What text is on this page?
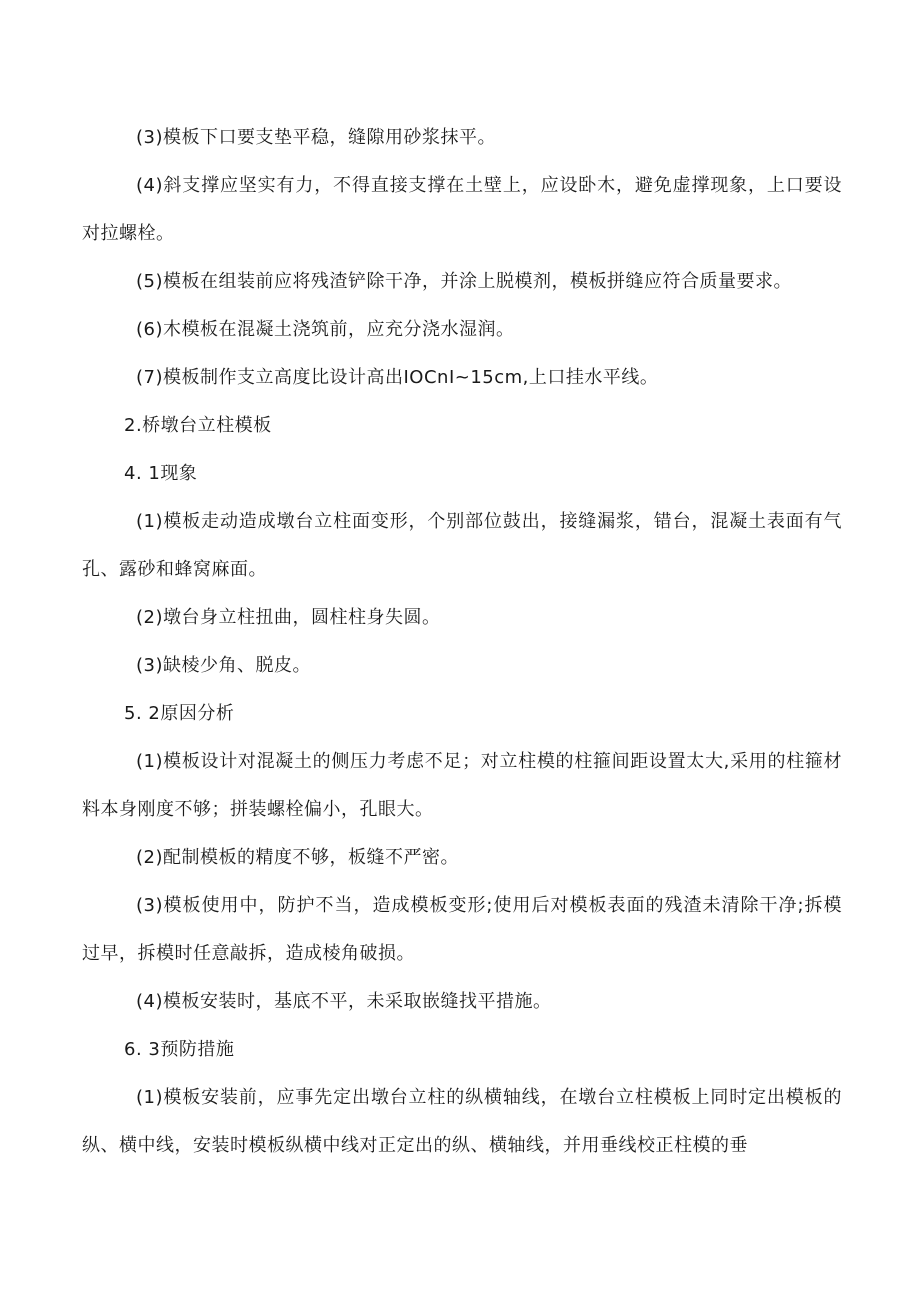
(3)模板下口要支垫平稳，缝隙用砂浆抹平。

(4)斜支撑应坚实有力，不得直接支撑在土壁上，应设卧木，避免虚撑现象，上口要设对拉螺栓。

(5)模板在组装前应将残渣铲除干净，并涂上脱模剂，模板拼缝应符合质量要求。

(6)木模板在混凝土浇筑前，应充分浇水湿润。

(7)模板制作支立高度比设计高出IOCnI~15cm,上口挂水平线。

2.桥墩台立柱模板

4. 1现象

(1)模板走动造成墩台立柱面变形，个别部位鼓出，接缝漏浆，错台，混凝土表面有气孔、露砂和蜂窝麻面。

(2)墩台身立柱扭曲，圆柱柱身失圆。

(3)缺棱少角、脱皮。

5. 2原因分析

(1)模板设计对混凝土的侧压力考虑不足；对立柱模的柱箍间距设置太大,采用的柱箍材料本身刚度不够；拼装螺栓偏小，孔眼大。

(2)配制模板的精度不够，板缝不严密。

(3)模板使用中，防护不当，造成模板变形;使用后对模板表面的残渣未清除干净;拆模过早，拆模时任意敲拆，造成棱角破损。

(4)模板安装时，基底不平，未采取嵌缝找平措施。

6. 3预防措施

(1)模板安装前，应事先定出墩台立柱的纵横轴线，在墩台立柱模板上同时定出模板的纵、横中线，安装时模板纵横中线对正定出的纵、横轴线，并用垂线校正柱模的垂
